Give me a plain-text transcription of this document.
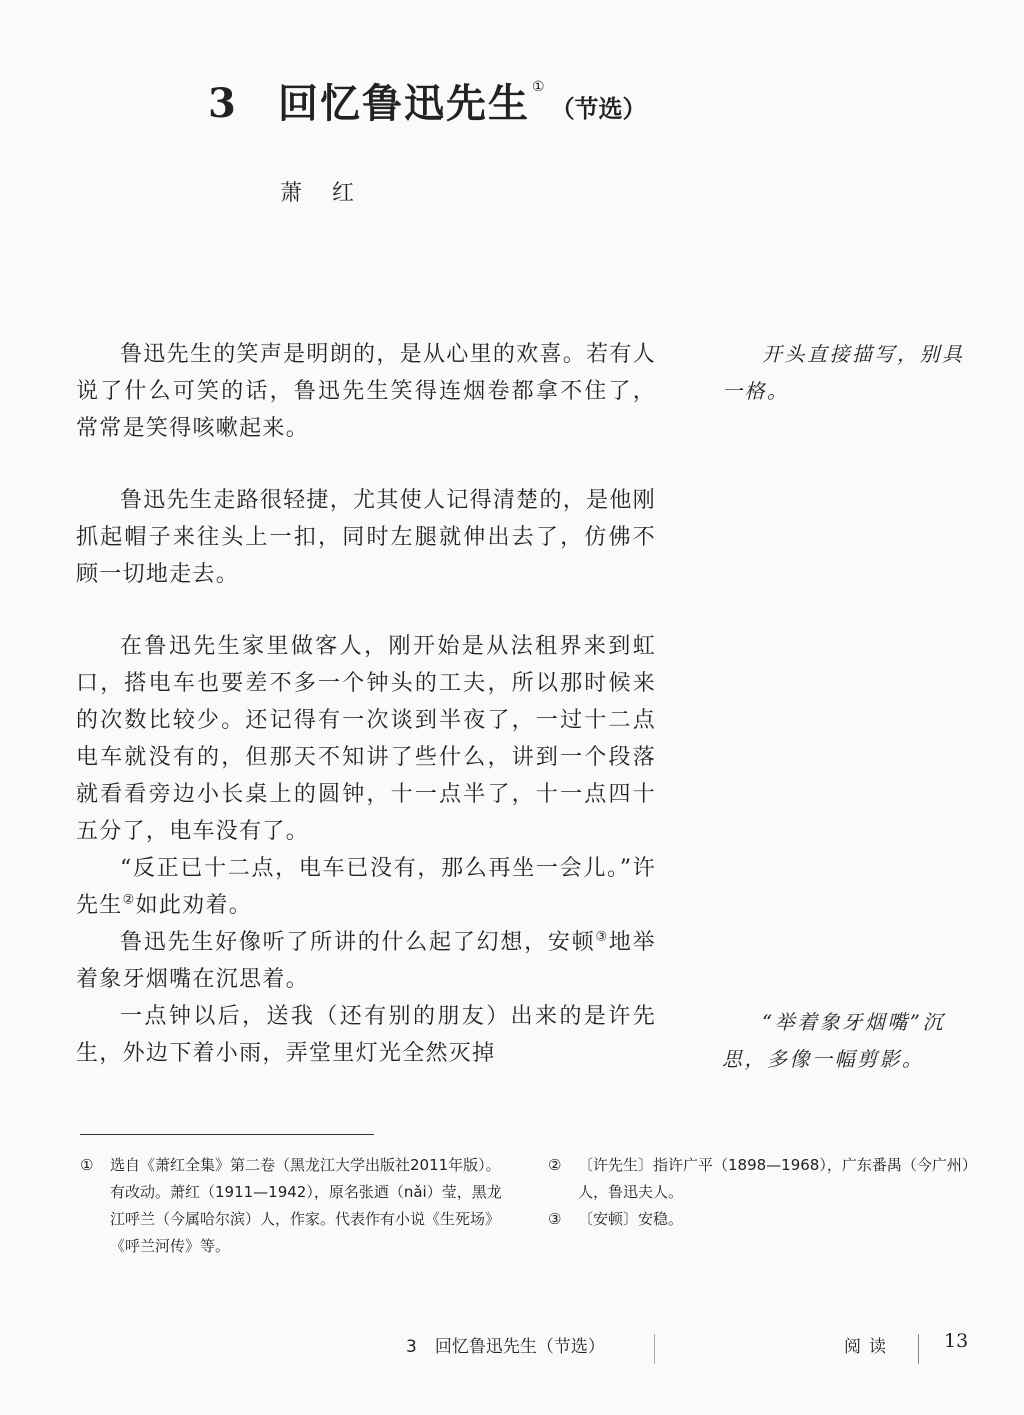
3 回忆鲁迅先生 ①（节选）
萧红

鲁迅先生的笑声是明朗的，是从心里的欢喜。若有人说了什么可笑的话，鲁迅先生笑得连烟卷都拿不住了，常常是笑得咳嗽起来。

鲁迅先生走路很轻捷，尤其使人记得清楚的，是他刚抓起帽子来往头上一扣，同时左腿就伸出去了，仿佛不顾一切地走去。

在鲁迅先生家里做客人，刚开始是从法租界来到虹口，搭电车也要差不多一个钟头的工夫，所以那时候来的次数比较少。还记得有一次谈到半夜了，一过十二点电车就没有的，但那天不知讲了些什么，讲到一个段落就看看旁边小长桌上的圆钟，十一点半了，十一点四十五分了，电车没有了。

“反正已十二点，电车已没有，那么再坐一会儿。”许先生②如此劝着。

鲁迅先生好像听了所讲的什么起了幻想，安顿③地举着象牙烟嘴在沉思着。

一点钟以后，送我（还有别的朋友）出来的是许先生，外边下着小雨，弄堂里灯光全然灭掉

开头直接描写，别具一格。
“举着象牙烟嘴”沉思，多像一幅剪影。
① 选自《萧红全集》第二卷（黑龙江大学出版社2011年版）。有改动。萧红（1911—1942），原名张迺（nǎi）莹，黑龙江呼兰（今属哈尔滨）人，作家。代表作有小说《生死场》《呼兰河传》等。
② 〔许先生〕指许广平（1898—1968），广东番禺（今广州）人，鲁迅夫人。
③ 〔安顿〕安稳。
3 回忆鲁迅先生（节选）	阅读	13
